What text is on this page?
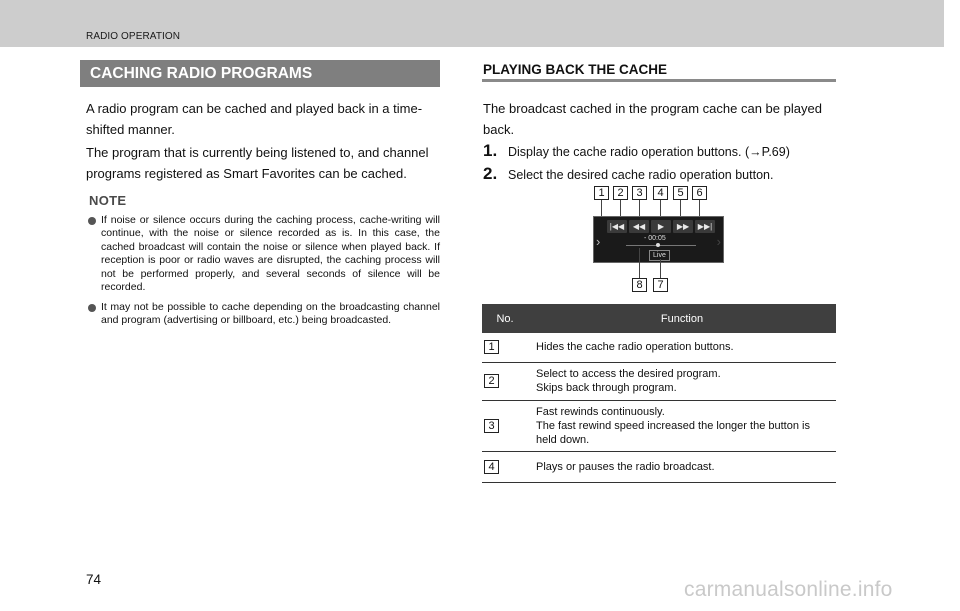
RADIO OPERATION
CACHING RADIO PROGRAMS
A radio program can be cached and played back in a time-
shifted manner.
The program that is currently being listened to, and channel
programs registered as Smart Favorites can be cached.
NOTE
If noise or silence occurs during the caching process, cache-writing will continue, with the noise or silence recorded as is. In this case, the cached broadcast will contain the noise or silence when played back. If reception is poor or radio waves are disrupted, the caching process will not be performed properly, and several seconds of silence will be recorded.
It may not be possible to cache depending on the broadcasting channel and program (advertising or billboard, etc.) being broadcasted.
PLAYING BACK THE CACHE
The broadcast cached in the program cache can be played
back.
1. Display the cache radio operation buttons. (→P.69)
2. Select the desired cache radio operation button.
1	2	3	4	5	6
|◀◀	◀◀	▶	▶▶	▶▶|
›	›
- 00:05
Live
8	7
No.	Function
1	Hides the cache radio operation buttons.

2	Select to access the desired program.
Skips back through program.

3	Fast rewinds continuously.
The fast rewind speed increased the longer the button is
held down.

4	Plays or pauses the radio broadcast.
74	carmanualsonline.info
